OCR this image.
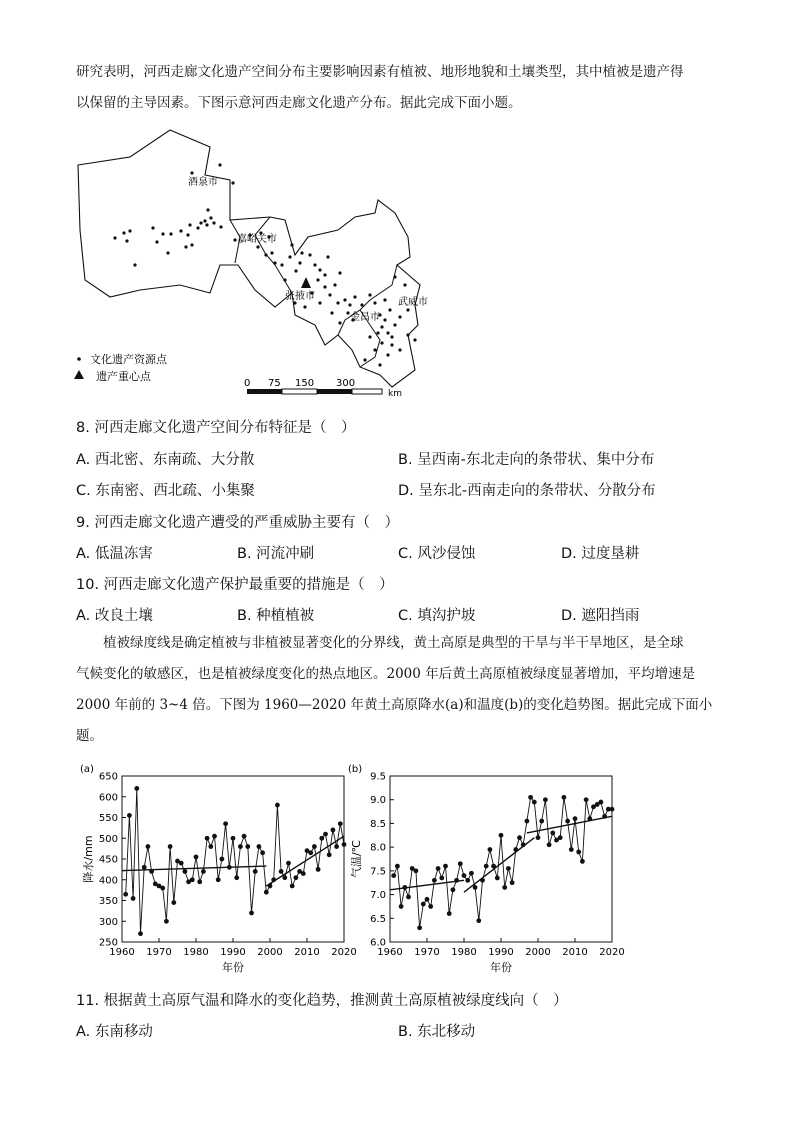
研究表明，河西走廊文化遗产空间分布主要影响因素有植被、地形地貌和土壤类型，其中植被是遗产得
以保留的主导因素。下图示意河西走廊文化遗产分布。据此完成下面小题。
酒泉市
嘉峪关市
张掖市
金昌市
武威市
文化遗产资源点
遗产重心点
0 75 150 300
km
8. 河西走廊文化遗产空间分布特征是（　）
A. 西北密、东南疏、大分散	B. 呈西南-东北走向的条带状、集中分布
C. 东南密、西北疏、小集聚	D. 呈东北-西南走向的条带状、分散分布
9. 河西走廊文化遗产遭受的严重威胁主要有（　）
A. 低温冻害	B. 河流冲刷	C. 风沙侵蚀	D. 过度垦耕
10. 河西走廊文化遗产保护最重要的措施是（　）
A. 改良土壤	B. 种植植被	C. 填沟护坡	D. 遮阳挡雨
植被绿度线是确定植被与非植被显著变化的分界线，黄土高原是典型的干旱与半干旱地区，是全球
气候变化的敏感区，也是植被绿度变化的热点地区。2000 年后黄土高原植被绿度显著增加，平均增速是
2000 年前的 3~4 倍。下图为 1960—2020 年黄土高原降水(a)和温度(b)的变化趋势图。据此完成下面小
题。
(a)
250
300
350
400
450
500
550
600
650
1960 1970 1980 1990 2000 2010 2020
年份
降水/mm
(b)
6.0
6.5
7.0
7.5
8.0
8.5
9.0
9.5
1960 1970 1980 1990 2000 2010 2020
年份
气温/℃
11. 根据黄土高原气温和降水的变化趋势，推测黄土高原植被绿度线向（　）
A. 东南移动	B. 东北移动
